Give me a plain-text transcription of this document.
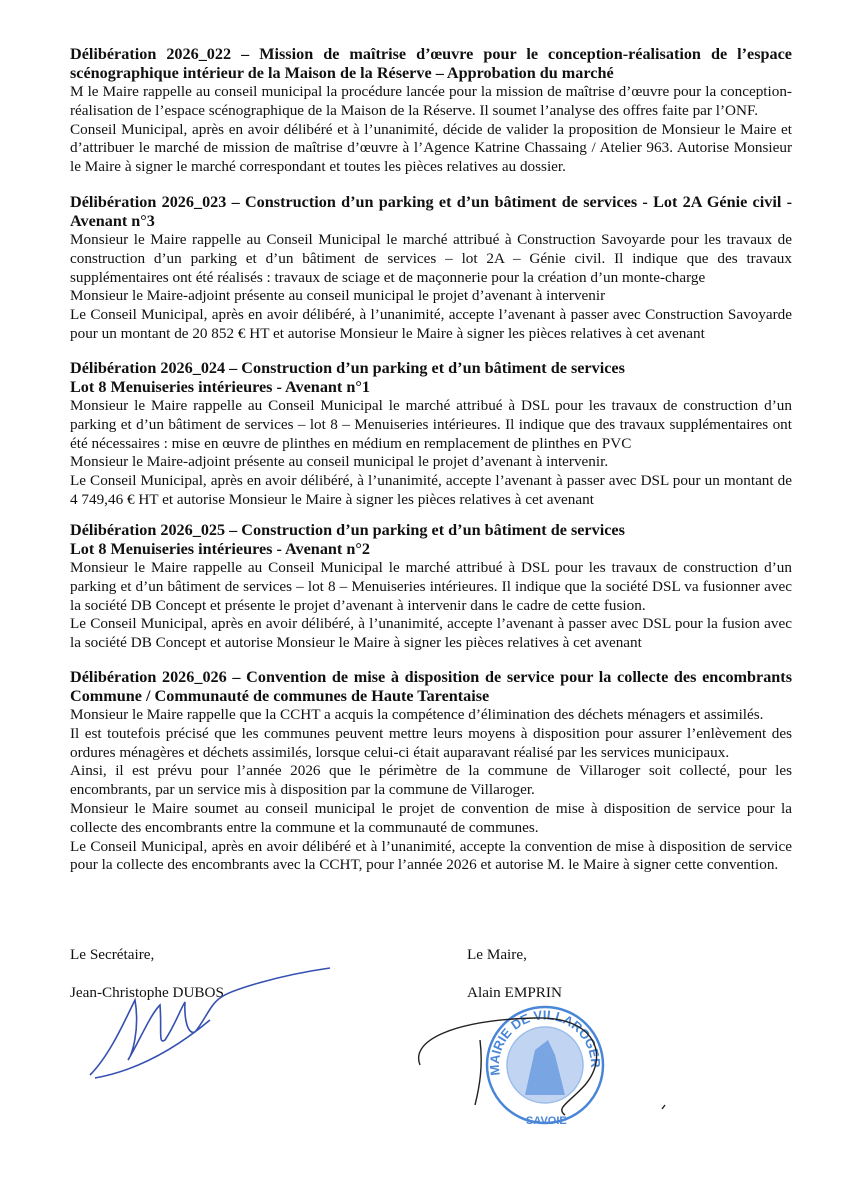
Délibération 2026_022 – Mission de maîtrise d’œuvre pour le conception-réalisation de l’espace scénographique intérieur de la Maison de la Réserve – Approbation du marché

M le Maire rappelle au conseil municipal la procédure lancée pour la mission de maîtrise d’œuvre pour la conception-réalisation de l’espace scénographique de la Maison de la Réserve. Il soumet l’analyse des offres faite par l’ONF.

Conseil Municipal, après en avoir délibéré et à l’unanimité, décide de valider la proposition de Monsieur le Maire et d’attribuer le marché de mission de maîtrise d’œuvre à l’Agence Katrine Chassaing / Atelier 963. Autorise Monsieur le Maire à signer le marché correspondant et toutes les pièces relatives au dossier.

Délibération 2026_023 – Construction d’un parking et d’un bâtiment de services - Lot 2A Génie civil - Avenant n°3

Monsieur le Maire rappelle au Conseil Municipal le marché attribué à Construction Savoyarde pour les travaux de construction d’un parking et d’un bâtiment de services – lot 2A – Génie civil. Il indique que des travaux supplémentaires ont été réalisés : travaux de sciage et de maçonnerie pour la création d’un monte-charge

Monsieur le Maire-adjoint présente au conseil municipal le projet d’avenant à intervenir

Le Conseil Municipal, après en avoir délibéré, à l’unanimité, accepte l’avenant à passer avec Construction Savoyarde pour un montant de 20 852 € HT et autorise Monsieur le Maire à signer les pièces relatives à cet avenant

Délibération 2026_024 – Construction d’un parking et d’un bâtiment de services
Lot 8 Menuiseries intérieures - Avenant n°1

Monsieur le Maire rappelle au Conseil Municipal le marché attribué à DSL pour les travaux de construction d’un parking et d’un bâtiment de services – lot 8 – Menuiseries intérieures. Il indique que des travaux supplémentaires ont été nécessaires : mise en œuvre de plinthes en médium en remplacement de plinthes en PVC

Monsieur le Maire-adjoint présente au conseil municipal le projet d’avenant à intervenir.

Le Conseil Municipal, après en avoir délibéré, à l’unanimité, accepte l’avenant à passer avec DSL pour un montant de 4 749,46 € HT et autorise Monsieur le Maire à signer les pièces relatives à cet avenant

Délibération 2026_025 – Construction d’un parking et d’un bâtiment de services
Lot 8 Menuiseries intérieures - Avenant n°2

Monsieur le Maire rappelle au Conseil Municipal le marché attribué à DSL pour les travaux de construction d’un parking et d’un bâtiment de services – lot 8 – Menuiseries intérieures. Il indique que la société DSL va fusionner avec la société DB Concept et présente le projet d’avenant à intervenir dans le cadre de cette fusion.

Le Conseil Municipal, après en avoir délibéré, à l’unanimité, accepte l’avenant à passer avec DSL pour la fusion avec la société DB Concept et autorise Monsieur le Maire à signer les pièces relatives à cet avenant

Délibération 2026_026 – Convention de mise à disposition de service pour la collecte des encombrants Commune / Communauté de communes de Haute Tarentaise

Monsieur le Maire rappelle que la CCHT a acquis la compétence d’élimination des déchets ménagers et assimilés.

Il est toutefois précisé que les communes peuvent mettre leurs moyens à disposition pour assurer l’enlèvement des ordures ménagères et déchets assimilés, lorsque celui-ci était auparavant réalisé par les services municipaux.

Ainsi, il est prévu pour l’année 2026 que le périmètre de la commune de Villaroger soit collecté, pour les encombrants, par un service mis à disposition par la commune de Villaroger.

Monsieur le Maire soumet au conseil municipal le projet de convention de mise à disposition de service pour la collecte des encombrants entre la commune et la communauté de communes.

Le Conseil Municipal, après en avoir délibéré et à l’unanimité, accepte la convention de mise à disposition de service pour la collecte des encombrants avec la CCHT, pour l’année 2026 et autorise M. le Maire à signer cette convention.

Le Secrétaire,
Jean-Christophe DUBOS
Le Maire,
Alain EMPRIN
MAIRIE DE VILLAROGER
SAVOIE
